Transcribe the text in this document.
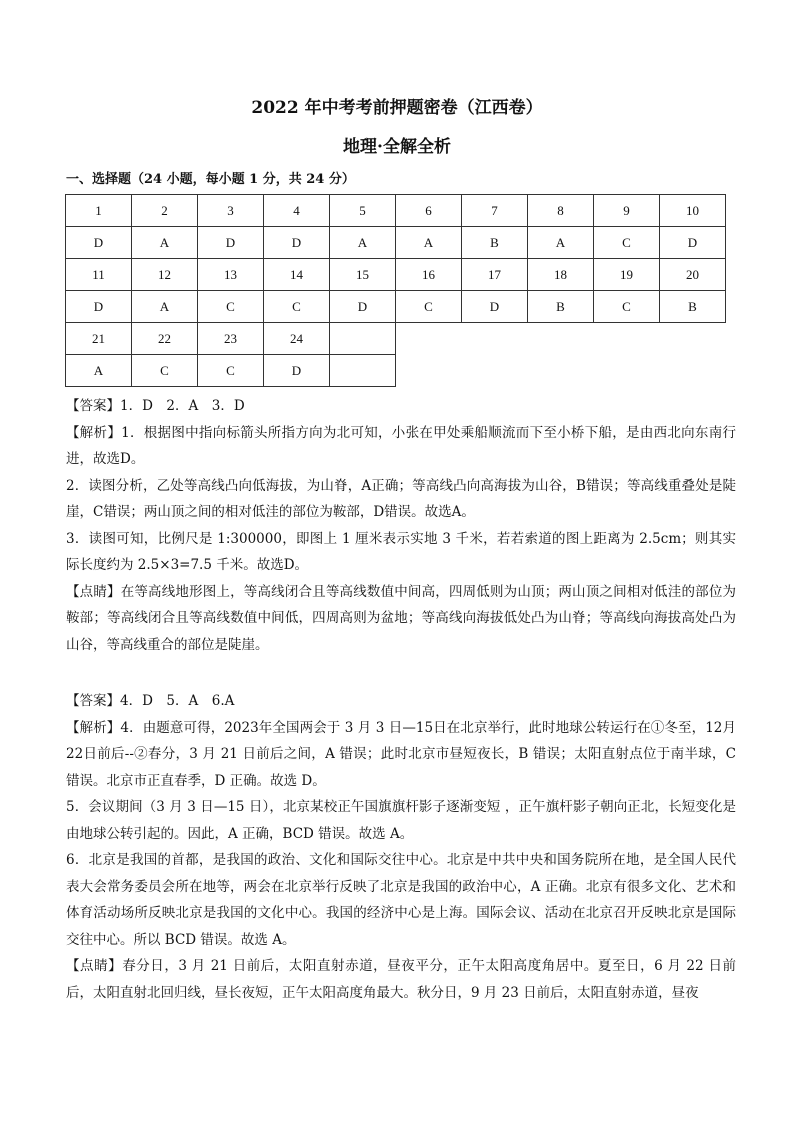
2022 年中考考前押题密卷（江西卷）
地理·全解全析
一、选择题（24 小题，每小题 1 分，共 24 分）
1	2	3	4	5	6	7	8	9	10
D	A	D	D	A	A	B	A	C	D
11	12	13	14	15	16	17	18	19	20
D	A	C	C	D	C	D	B	C	B
21	22	23	24						
A	C	C	D						

【答案】1．D　2．A　3．D

【解析】1．根据图中指向标箭头所指方向为北可知，小张在甲处乘船顺流而下至小桥下船，是由西北向东南行进，故选D。

2．读图分析，乙处等高线凸向低海拔，为山脊，A正确；等高线凸向高海拔为山谷，B错误；等高线重叠处是陡崖，C错误；两山顶之间的相对低洼的部位为鞍部，D错误。故选A。

3．读图可知，比例尺是 1:300000，即图上 1 厘米表示实地 3 千米，若若索道的图上距离为 2.5cm；则其实际长度约为 2.5×3=7.5 千米。故选D。

【点睛】在等高线地形图上，等高线闭合且等高线数值中间高，四周低则为山顶；两山顶之间相对低洼的部位为鞍部；等高线闭合且等高线数值中间低，四周高则为盆地；等高线向海拔低处凸为山脊；等高线向海拔高处凸为山谷，等高线重合的部位是陡崖。

【答案】4．D　5．A　6.A

【解析】4．由题意可得，2023年全国两会于 3 月 3 日—15日在北京举行，此时地球公转运行在①冬至，12月22日前后--②春分，3 月 21 日前后之间，A 错误；此时北京市昼短夜长，B 错误；太阳直射点位于南半球，C 错误。北京市正直春季，D 正确。故选 D。

5．会议期间（3 月 3 日—15 日），北京某校正午国旗旗杆影子逐渐变短 ，正午旗杆影子朝向正北，长短变化是由地球公转引起的。因此，A 正确，BCD 错误。故选 A。

6．北京是我国的首都，是我国的政治、文化和国际交往中心。北京是中共中央和国务院所在地，是全国人民代表大会常务委员会所在地等，两会在北京举行反映了北京是我国的政治中心，A 正确。北京有很多文化、艺术和体育活动场所反映北京是我国的文化中心。我国的经济中心是上海。国际会议、活动在北京召开反映北京是国际交往中心。所以 BCD 错误。故选 A。

【点睛】春分日，3 月 21 日前后，太阳直射赤道，昼夜平分，正午太阳高度角居中。夏至日，6 月 22 日前后，太阳直射北回归线，昼长夜短，正午太阳高度角最大。秋分日，9 月 23 日前后，太阳直射赤道，昼夜
